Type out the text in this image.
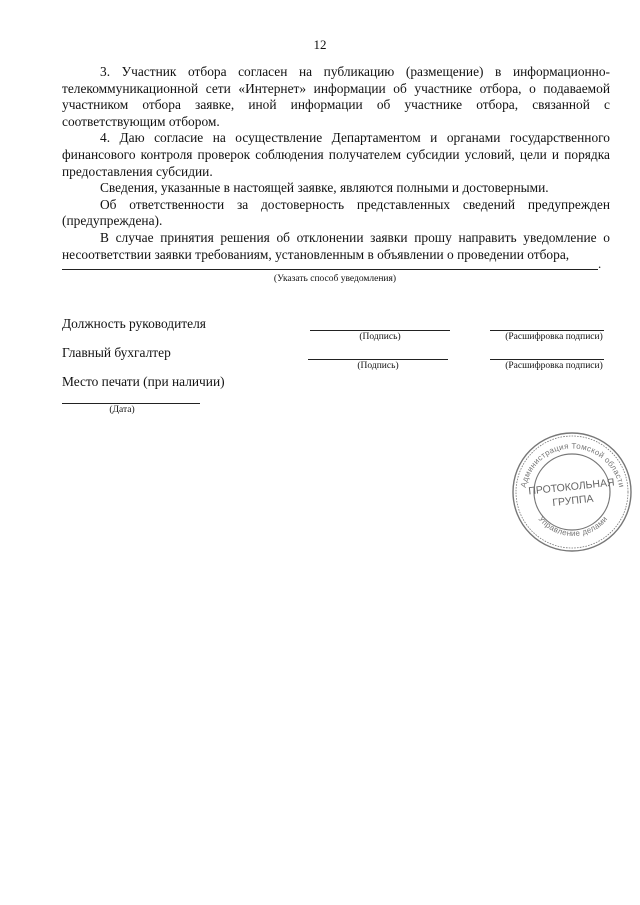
12

3. Участник отбора согласен на публикацию (размещение) в информационно-телекоммуникационной сети «Интернет» информации об участнике отбора, о подаваемой участником отбора заявке, иной информации об участнике отбора, связанной с соответствующим отбором.

4. Даю согласие на осуществление Департаментом и органами государственного финансового контроля проверок соблюдения получателем субсидии условий, цели и порядка предоставления субсидии.

Сведения, указанные в настоящей заявке, являются полными и достоверными.

Об ответственности за достоверность представленных сведений предупрежден (предупреждена).

В случае принятия решения об отклонении заявки прошу направить уведомление о несоответствии заявки требованиям, установленным в объявлении о проведении отбора,

.
(Указать способ уведомления)
Должность руководителя
(Подпись)	(Расшифровка подписи)
Главный бухгалтер
(Подпись)	(Расшифровка подписи)
Место печати (при наличии)
(Дата)
Администрация Томской области
Управление делами
ПРОТОКОЛЬНАЯ
ГРУППА
